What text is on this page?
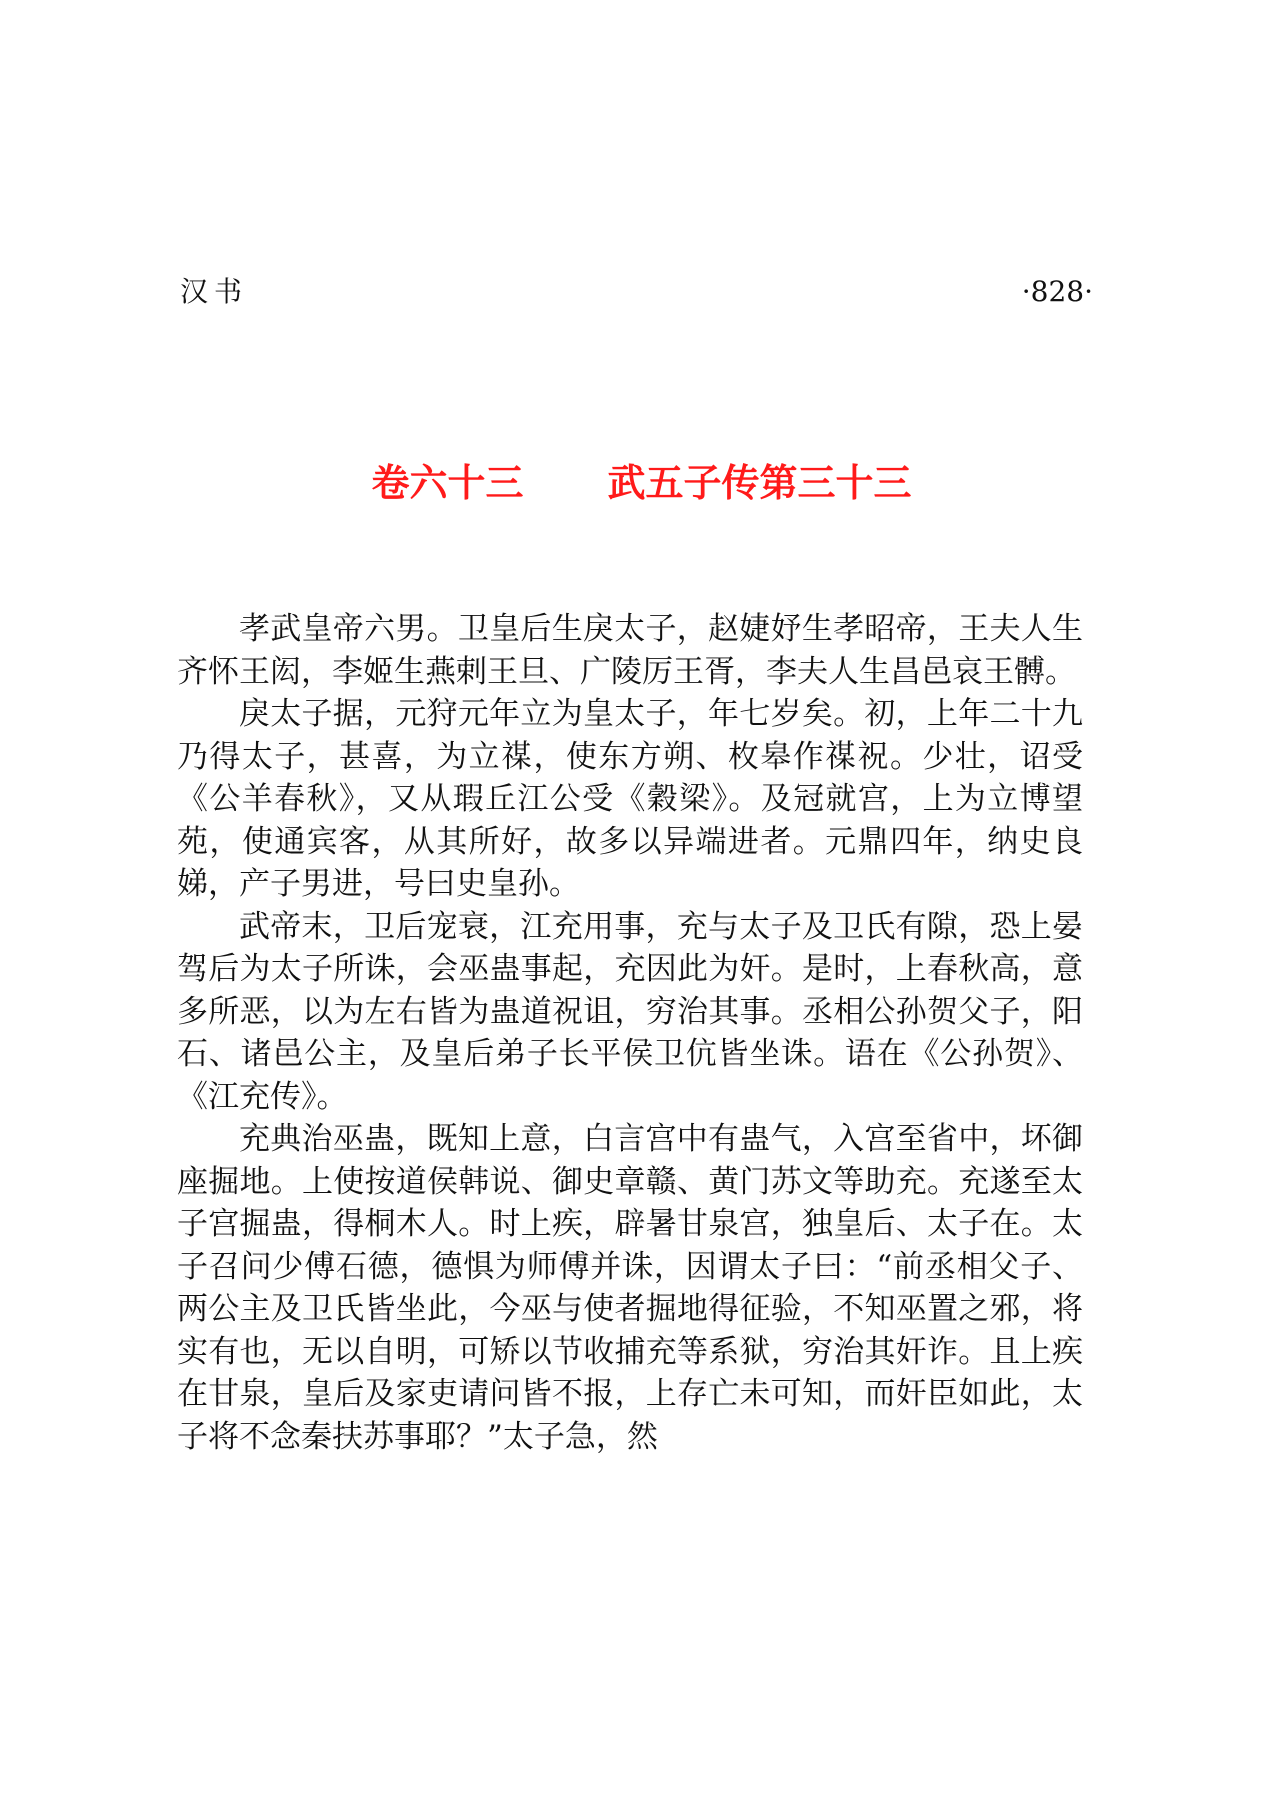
汉书	·828·
卷六十三 武五子传第三十三

孝武皇帝六男。卫皇后生戾太子，赵婕妤生孝昭帝，王夫人生齐怀王闳，李姬生燕剌王旦、广陵厉王胥，李夫人生昌邑哀王髆。

戾太子据，元狩元年立为皇太子，年七岁矣。初，上年二十九乃得太子，甚喜，为立禖，使东方朔、枚皋作禖祝。少壮，诏受《公羊春秋》，又从瑕丘江公受《穀梁》。及冠就宫，上为立博望苑，使通宾客，从其所好，故多以异端进者。元鼎四年，纳史良娣，产子男进，号曰史皇孙。

武帝末，卫后宠衰，江充用事，充与太子及卫氏有隙，恐上晏驾后为太子所诛，会巫蛊事起，充因此为奸。是时，上春秋高，意多所恶，以为左右皆为蛊道祝诅，穷治其事。丞相公孙贺父子，阳石、诸邑公主，及皇后弟子长平侯卫伉皆坐诛。语在《公孙贺》、《江充传》。

充典治巫蛊，既知上意，白言宫中有蛊气，入宫至省中，坏御座掘地。上使按道侯韩说、御史章赣、黄门苏文等助充。充遂至太子宫掘蛊，得桐木人。时上疾，辟暑甘泉宫，独皇后、太子在。太子召问少傅石德，德惧为师傅并诛，因谓太子曰：“前丞相父子、两公主及卫氏皆坐此，今巫与使者掘地得征验，不知巫置之邪，将实有也，无以自明，可矫以节收捕充等系狱，穷治其奸诈。且上疾在甘泉，皇后及家吏请问皆不报，上存亡未可知，而奸臣如此，太子将不念秦扶苏事耶？”太子急，然
